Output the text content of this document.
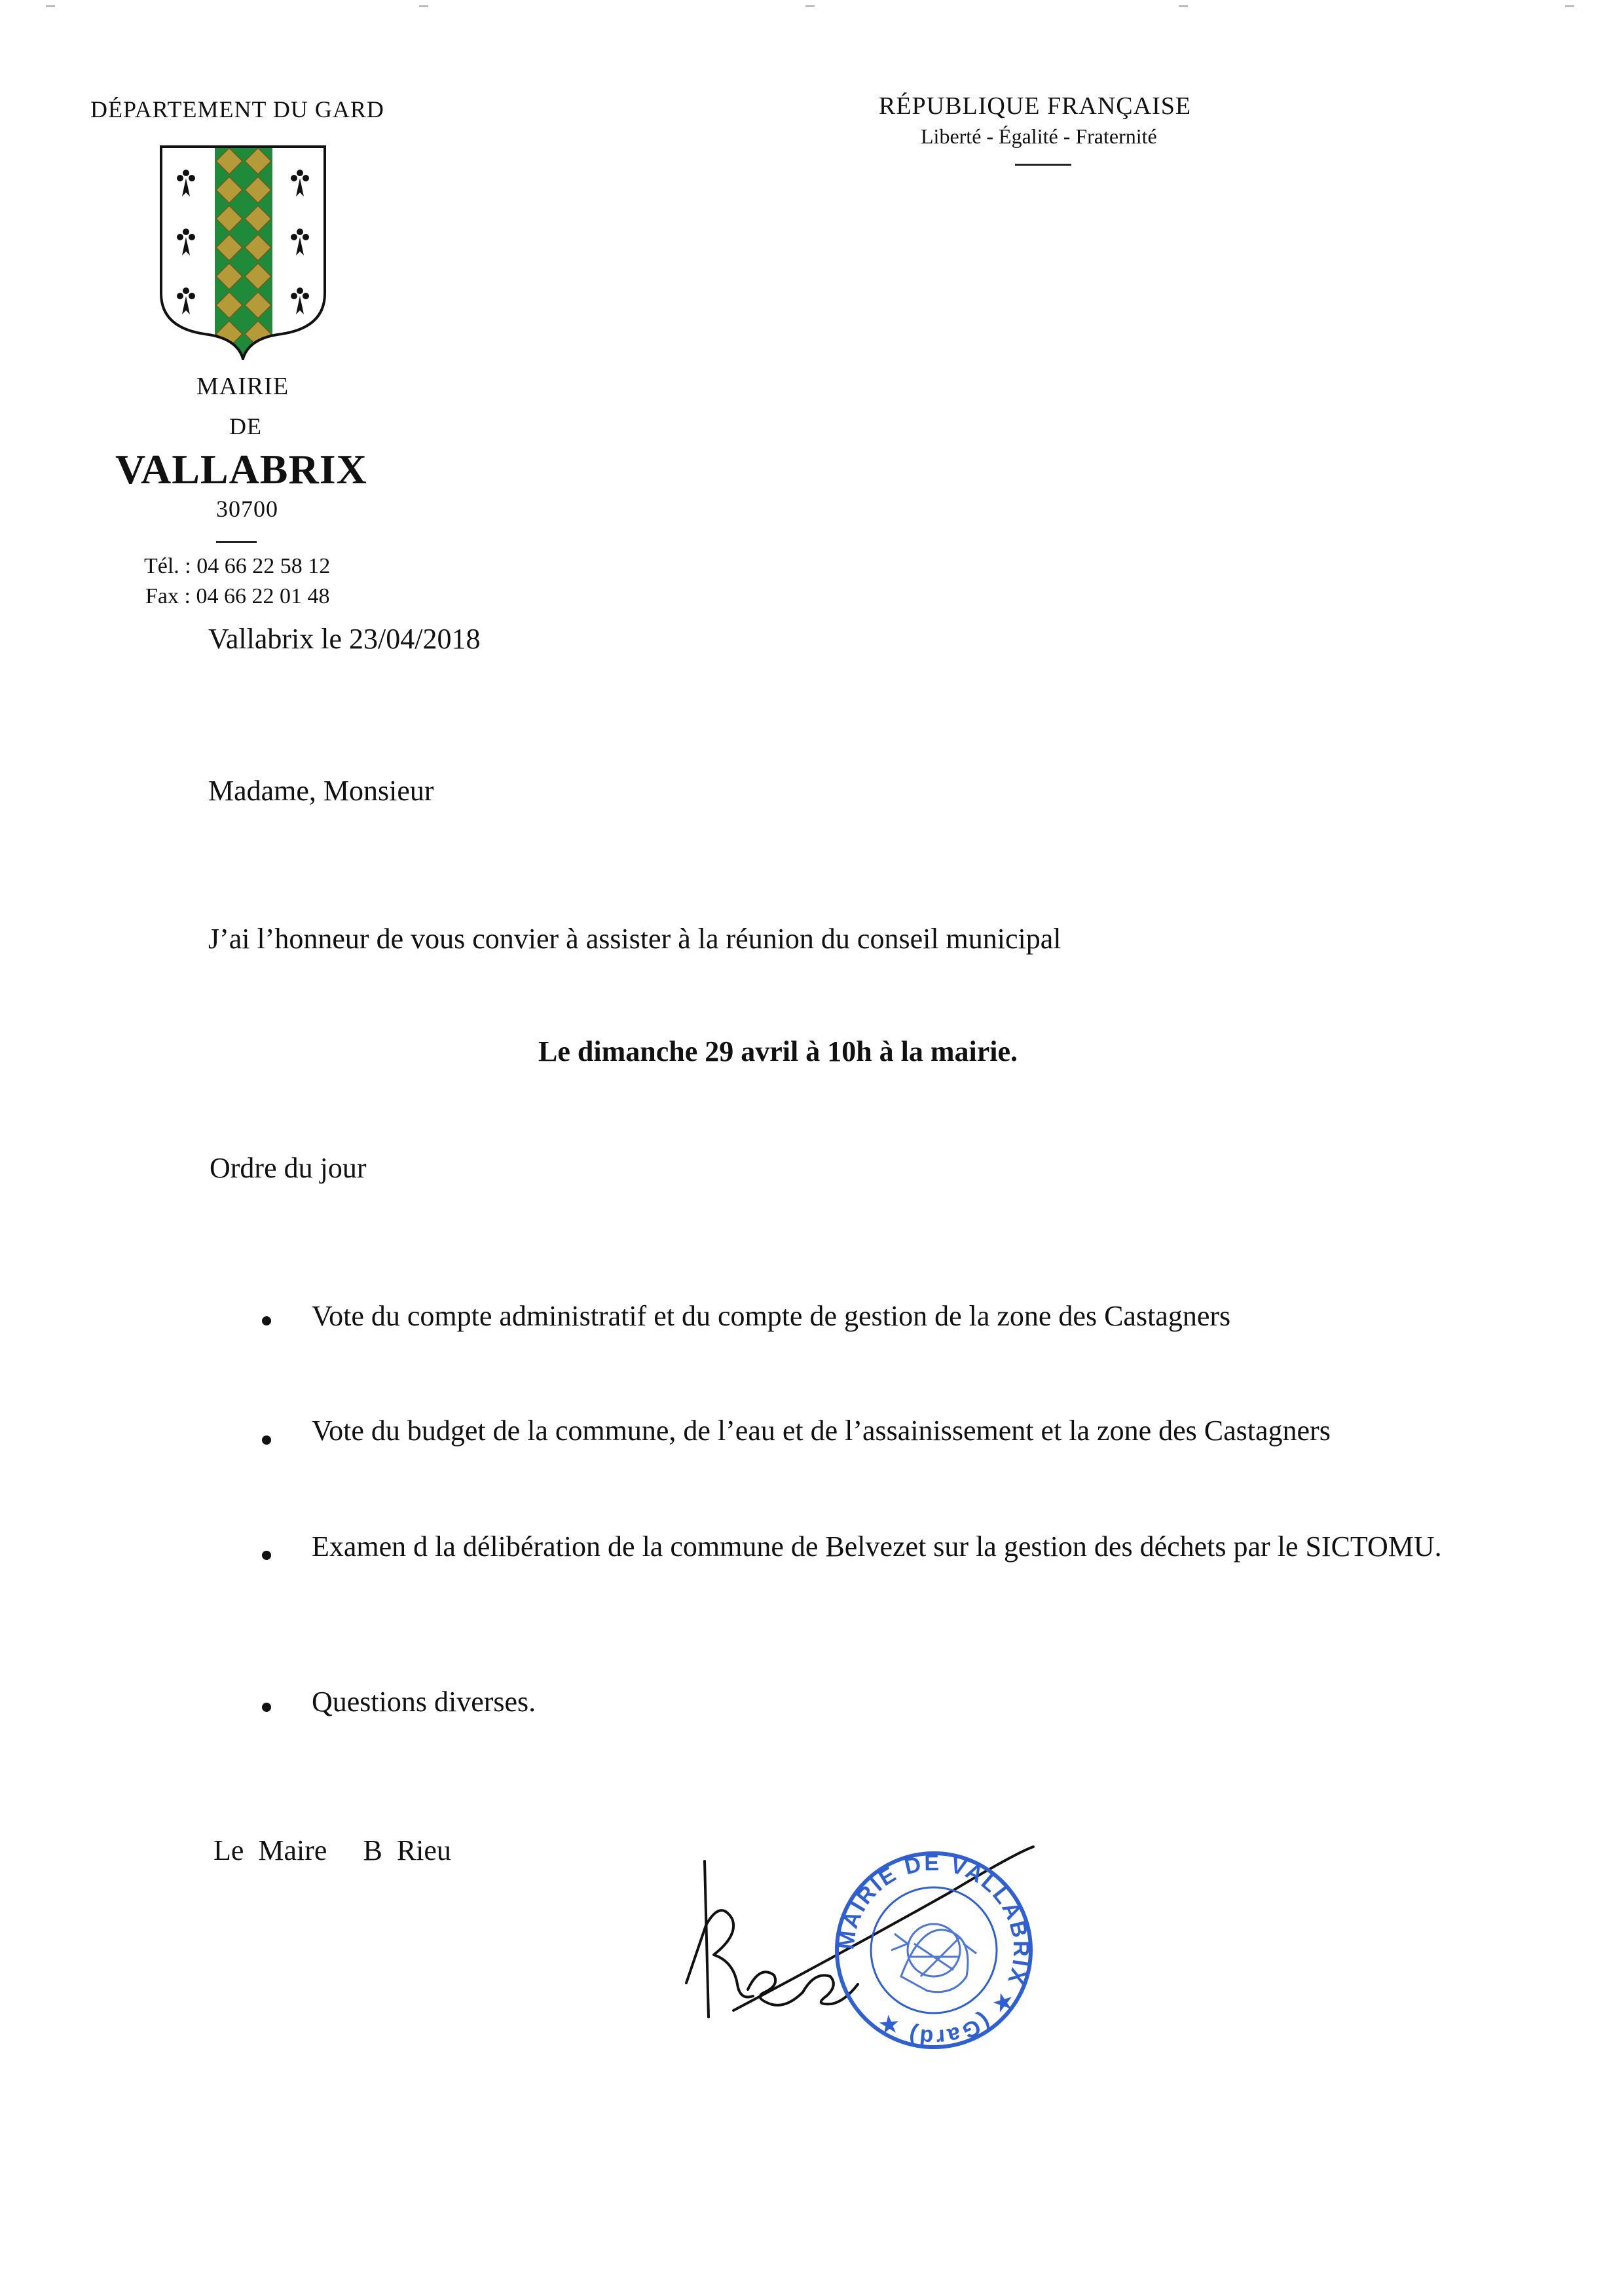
DÉPARTEMENT DU GARD	RÉPUBLIQUE FRANÇAISE
Liberté - Égalité - Fraternité
MAIRIE
DE
VALLABRIX
30700
Tél. : 04 66 22 58 12
Fax : 04 66 22 01 48
Vallabrix le 23/04/2018
Madame, Monsieur
J’ai l’honneur de vous convier à assister à la réunion du conseil municipal
Le dimanche 29 avril à 10h à la mairie.
Ordre du jour
Vote du compte administratif et du compte de gestion de la zone des Castagners
Vote du budget de la commune, de l’eau et de l’assainissement et la zone des Castagners
Examen d la délibération de la commune de Belvezet sur la gestion des déchets par le SICTOMU.
Questions diverses.
Le  Maire     B  Rieu
MAIRIE DE VALLABRIX ★ (Gard) ★
